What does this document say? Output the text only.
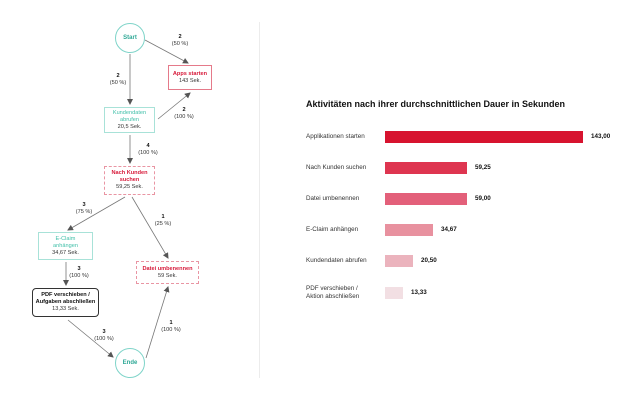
Start
Apps starten
143 Sek.
Kundendaten
abrufen
20,5 Sek.
Nach Kunden
suchen
59,25 Sek.
E-Claim
anhängen
34,67 Sek.
Datei umbenennen
59 Sek.
PDF verschieben /
Aufgaben abschließen
13,33 Sek.
Ende
2
(50 %)
2
(50 %)
2
(100 %)
4
(100 %)
3
(75 %)
1
(25 %)
3
(100 %)
3
(100 %)
1
(100 %)
Aktivitäten nach ihrer durchschnittlichen Dauer in Sekunden
Applikationen starten	143,00
Nach Kunden suchen	59,25
Datei umbenennen	59,00
E-Claim anhängen	34,67
Kundendaten abrufen	20,50
PDF verschieben / Aktion abschließen
13,33
